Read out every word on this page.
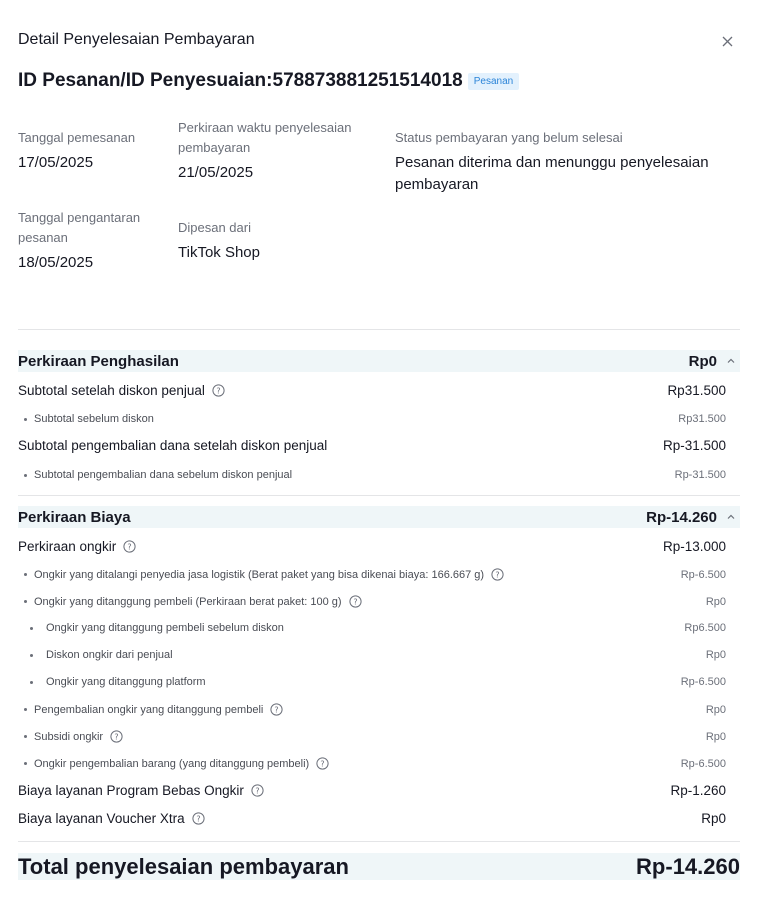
Detail Penyelesaian Pembayaran
ID Pesanan/ID Penyesuaian: 578873881251514018	Pesanan
Tanggal pemesanan
17/05/2025
Perkiraan waktu penyelesaian pembayaran
21/05/2025
Status pembayaran yang belum selesai
Pesanan diterima dan menunggu penyelesaian pembayaran
Tanggal pengantaran pesanan
18/05/2025
Dipesan dari
TikTok Shop
Perkiraan Penghasilan	Rp0
Subtotal setelah diskon penjual ?	Rp31.500
Subtotal sebelum diskon	Rp31.500
Subtotal pengembalian dana setelah diskon penjual	Rp-31.500
Subtotal pengembalian dana sebelum diskon penjual	Rp-31.500
Perkiraan Biaya	Rp-14.260
Perkiraan ongkir ?	Rp-13.000
Ongkir yang ditalangi penyedia jasa logistik (Berat paket yang bisa dikenai biaya: 166.667 g) ?	Rp-6.500
Ongkir yang ditanggung pembeli (Perkiraan berat paket: 100 g) ?	Rp0
Ongkir yang ditanggung pembeli sebelum diskon	Rp6.500
Diskon ongkir dari penjual	Rp0
Ongkir yang ditanggung platform	Rp-6.500
Pengembalian ongkir yang ditanggung pembeli ?	Rp0
Subsidi ongkir ?	Rp0
Ongkir pengembalian barang (yang ditanggung pembeli) ?	Rp-6.500
Biaya layanan Program Bebas Ongkir ?	Rp-1.260
Biaya layanan Voucher Xtra ?	Rp0
Total penyelesaian pembayaran	Rp-14.260
